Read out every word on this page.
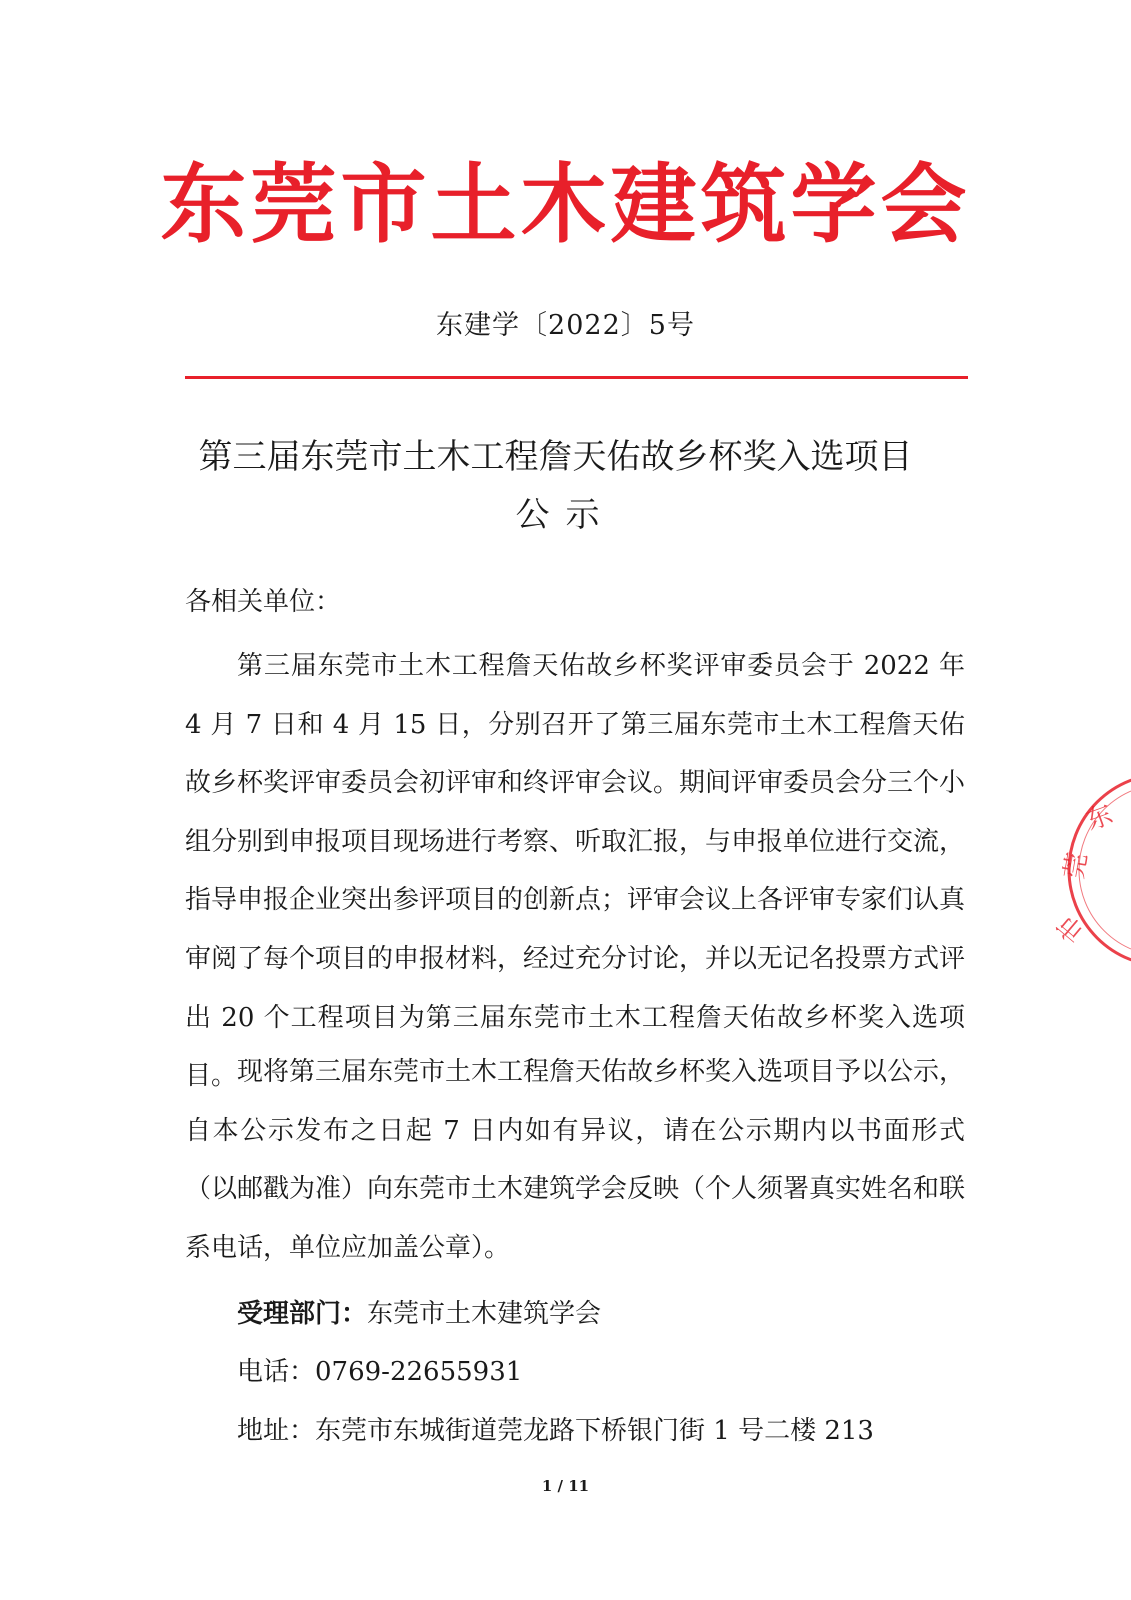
东莞市土木建筑学会
东建学〔2022〕5号
第三届东莞市土木工程詹天佑故乡杯奖入选项目
公示
各相关单位：
第三届东莞市土木工程詹天佑故乡杯奖评审委员会于 2022 年 4 月 7 日和 4 月 15 日，分别召开了第三届东莞市土木工程詹天佑故乡杯奖评审委员会初评审和终评审会议。期间评审委员会分三个小组分别到申报项目现场进行考察、听取汇报，与申报单位进行交流，指导申报企业突出参评项目的创新点；评审会议上各评审专家们认真审阅了每个项目的申报材料，经过充分讨论，并以无记名投票方式评出 20 个工程项目为第三届东莞市土木工程詹天佑故乡杯奖入选项目。 现将第三届东莞市土木工程詹天佑故乡杯奖入选项目予以公示，自本公示发布之日起 7 日内如有异议，请在公示期内以书面形式（以邮戳为准）向东莞市土木建筑学会反映（个人须署真实姓名和联系电话，单位应加盖公章）。
受理部门：东莞市土木建筑学会
电话：0769-22655931
地址：东莞市东城街道莞龙路下桥银门街 1 号二楼 213
1 / 11
东
莞
市
